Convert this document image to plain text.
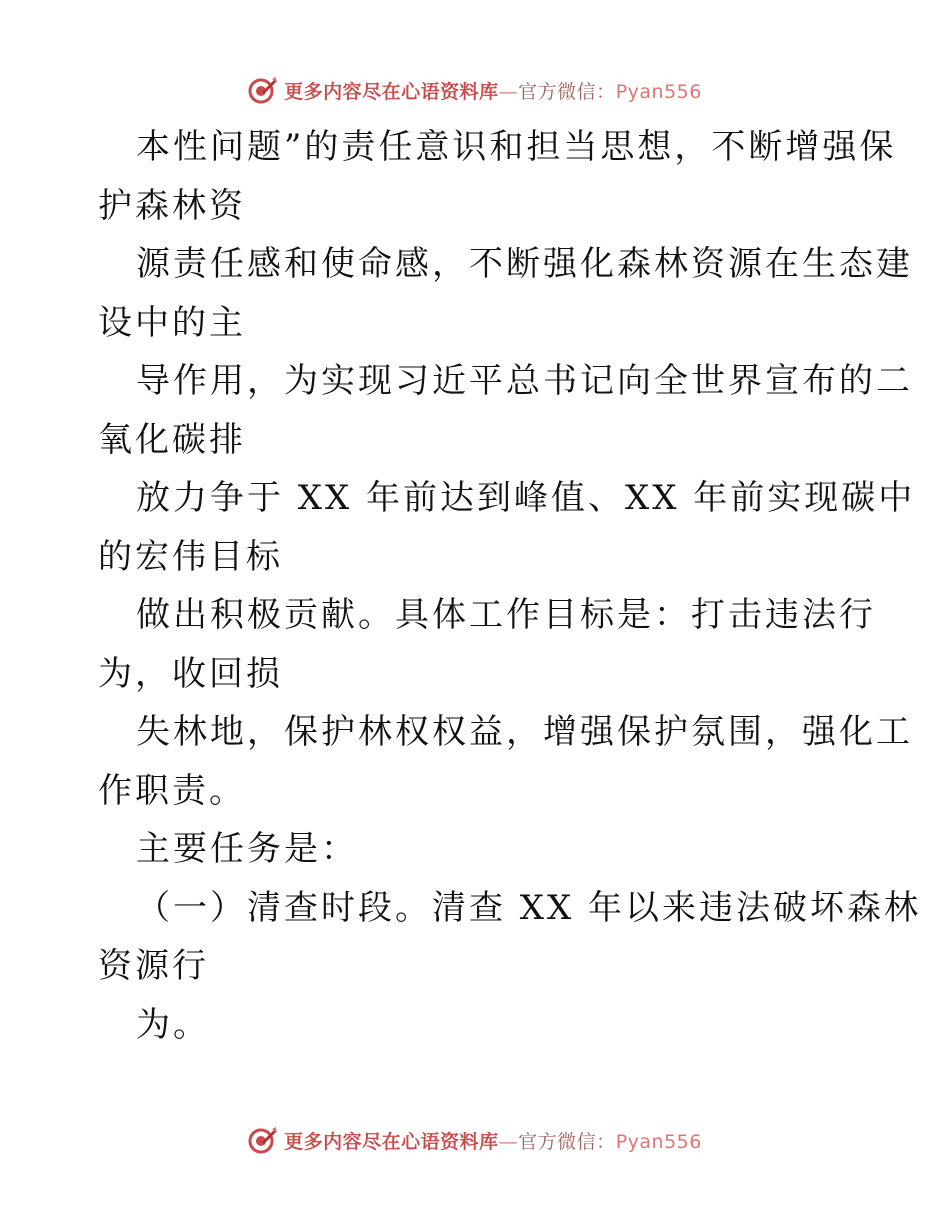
更多内容尽在心语资料库—官方微信：Pyan556
本性问题”的责任意识和担当思想，不断增强保
护森林资
源责任感和使命感，不断强化森林资源在生态建
设中的主
导作用，为实现习近平总书记向全世界宣布的二
氧化碳排
放力争于 XX 年前达到峰值、XX 年前实现碳中
的宏伟目标
做出积极贡献。具体工作目标是：打击违法行
为，收回损
失林地，保护林权权益，增强保护氛围，强化工
作职责。
主要任务是：
（一）清查时段。清查 XX 年以来违法破坏森林
资源行
为。
更多内容尽在心语资料库—官方微信：Pyan556
